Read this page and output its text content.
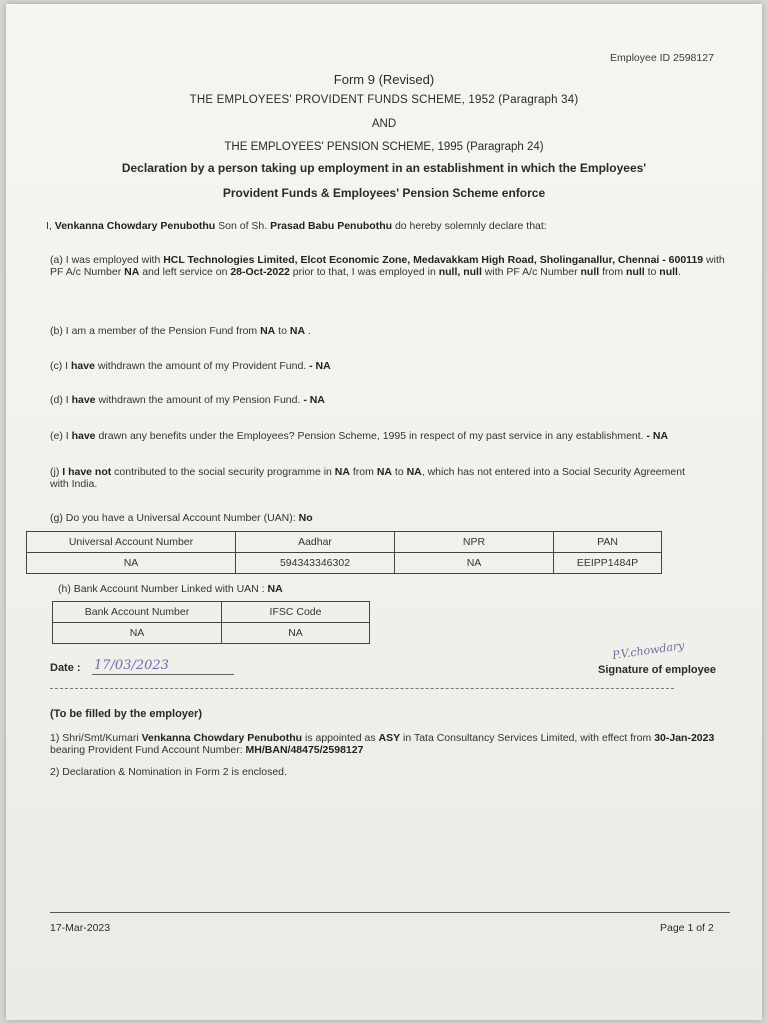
Employee ID 2598127
Form 9 (Revised)
THE EMPLOYEES' PROVIDENT FUNDS SCHEME, 1952 (Paragraph 34)
AND
THE EMPLOYEES' PENSION SCHEME, 1995 (Paragraph 24)
Declaration by a person taking up employment in an establishment in which the Employees'
Provident Funds & Employees' Pension Scheme enforce
I, Venkanna Chowdary Penubothu Son of Sh. Prasad Babu Penubothu do hereby solemnly declare that:
(a) I was employed with HCL Technologies Limited, Elcot Economic Zone, Medavakkam High Road, Sholinganallur, Chennai - 600119 with PF A/c Number NA and left service on 28-Oct-2022 prior to that, I was employed in null, null with PF A/c Number null from null to null.
(b) I am a member of the Pension Fund from NA to NA .
(c) I have withdrawn the amount of my Provident Fund. - NA
(d) I have withdrawn the amount of my Pension Fund. - NA
(e) I have drawn any benefits under the Employees? Pension Scheme, 1995 in respect of my past service in any establishment. - NA
(j) I have not contributed to the social security programme in NA from NA to NA, which has not entered into a Social Security Agreement with India.
(g) Do you have a Universal Account Number (UAN): No
Universal Account Number	Aadhar	NPR	PAN
NA	594343346302	NA	EEIPP1484P
(h) Bank Account Number Linked with UAN : NA
Bank Account Number	IFSC Code
NA	NA
Date : 17/03/2023
P.V.chowdary
Signature of employee
(To be filled by the employer)
1) Shri/Smt/Kumari Venkanna Chowdary Penubothu is appointed as ASY in Tata Consultancy Services Limited, with effect from 30-Jan-2023 bearing Provident Fund Account Number: MH/BAN/48475/2598127
2) Declaration & Nomination in Form 2 is enclosed.
17-Mar-2023	Page 1 of 2
